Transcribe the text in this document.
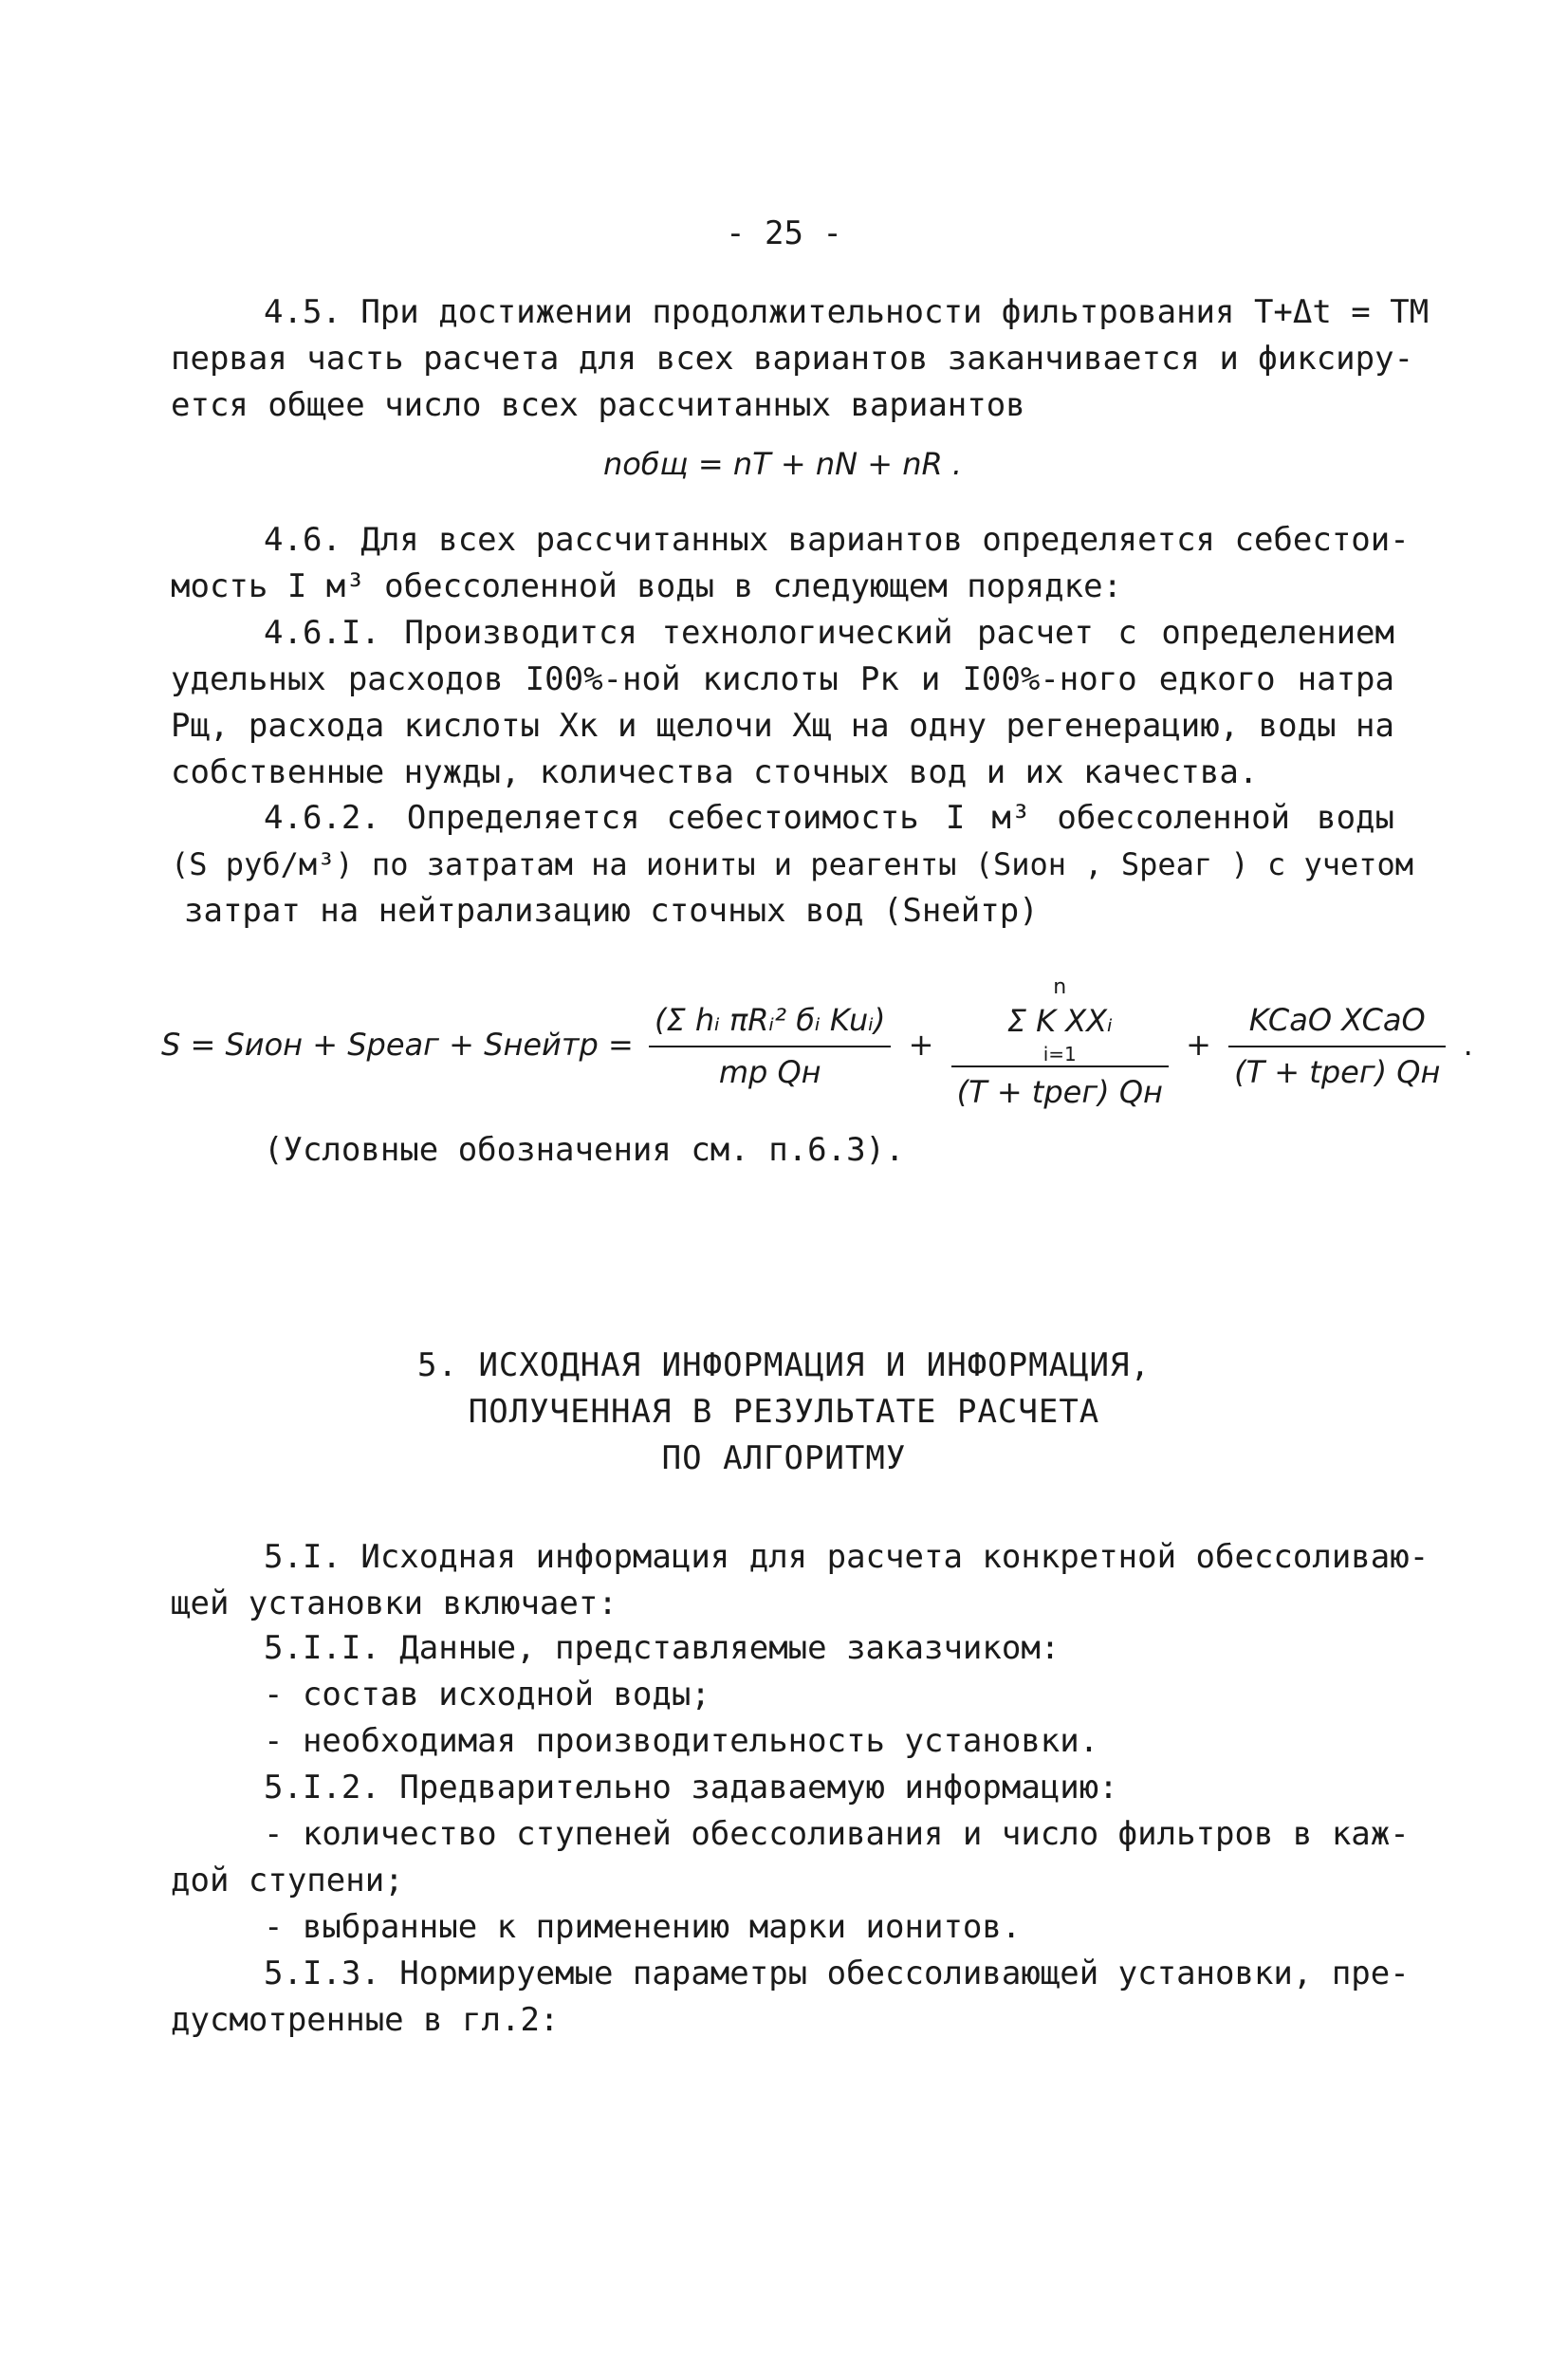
- 25 -
4.5. При достижении продолжительности фильтрования T+Δt = TM
первая часть расчета для всех вариантов заканчивается и фиксиру-
ется общее число всех рассчитанных вариантов
nобщ = nT + nN + nR .
4.6. Для всех рассчитанных вариантов определяется себестои-
мость I м³ обессоленной воды в следующем порядке:
4.6.I. Производится технологический расчет с определением
удельных расходов I00%-ной кислоты Pк и I00%-ного едкого натра
Pщ, расхода кислоты Xк и щелочи Xщ на одну регенерацию, воды на
собственные нужды, количества сточных вод и их качества.
4.6.2. Определяется себестоимость I м³ обессоленной воды
(S руб/м³) по затратам на иониты и реагенты (Sион , Sреаг ) с учетом
затрат на нейтрализацию сточных вод (Sнейтр)
S = Sион + Sреаг + Sнейтр = $\frac{\text{(Σ hᵢ πRᵢ² бᵢ Kuᵢ)}}{\text{mp Qн}} + n$
Σ K XXᵢ
i=1
(T + tрег) Qн + $\frac{\text{KCaO XCaO}}{\text{(T + tрег) Qн}}$ .
(Условные обозначения см. п.6.3).
5. ИСХОДНАЯ ИНФОРМАЦИЯ И ИНФОРМАЦИЯ,
ПОЛУЧЕННАЯ В РЕЗУЛЬТАТЕ РАСЧЕТА
ПО АЛГОРИТМУ
5.I. Исходная информация для расчета конкретной обессоливаю-
щей установки включает:
5.I.I. Данные, представляемые заказчиком:
- состав исходной воды;
- необходимая производительность установки.
5.I.2. Предварительно задаваемую информацию:
- количество ступеней обессоливания и число фильтров в каж-
дой ступени;
- выбранные к применению марки ионитов.
5.I.3. Нормируемые параметры обессоливающей установки, пре-
дусмотренные в гл.2:
